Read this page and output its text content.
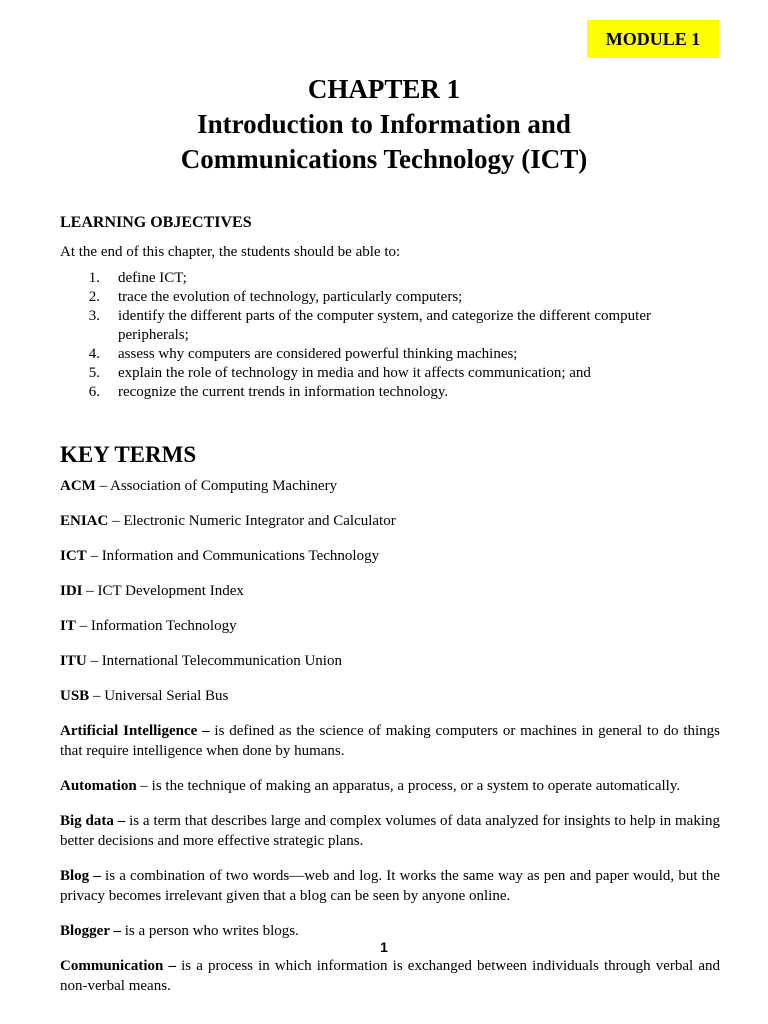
MODULE 1
CHAPTER 1
Introduction to Information and
Communications Technology (ICT)
LEARNING OBJECTIVES
At the end of this chapter, the students should be able to:
1.	define ICT;
2.	trace the evolution of technology, particularly computers;
3.	identify the different parts of the computer system, and categorize the different computer peripherals;
4.	assess why computers are considered powerful thinking machines;
5.	explain the role of technology in media and how it affects communication; and
6.	recognize the current trends in information technology.
KEY TERMS

ACM – Association of Computing Machinery

ENIAC – Electronic Numeric Integrator and Calculator

ICT – Information and Communications Technology

IDI – ICT Development Index

IT – Information Technology

ITU – International Telecommunication Union

USB – Universal Serial Bus

Artificial Intelligence – is defined as the science of making computers or machines in general to do things that require intelligence when done by humans.

Automation – is the technique of making an apparatus, a process, or a system to operate automatically.

Big data – is a term that describes large and complex volumes of data analyzed for insights to help in making better decisions and more effective strategic plans.

Blog – is a combination of two words––web and log. It works the same way as pen and paper would, but the privacy becomes irrelevant given that a blog can be seen by anyone online.

Blogger – is a person who writes blogs.

Communication – is a process in which information is exchanged between individuals through verbal and non-verbal means.

1
